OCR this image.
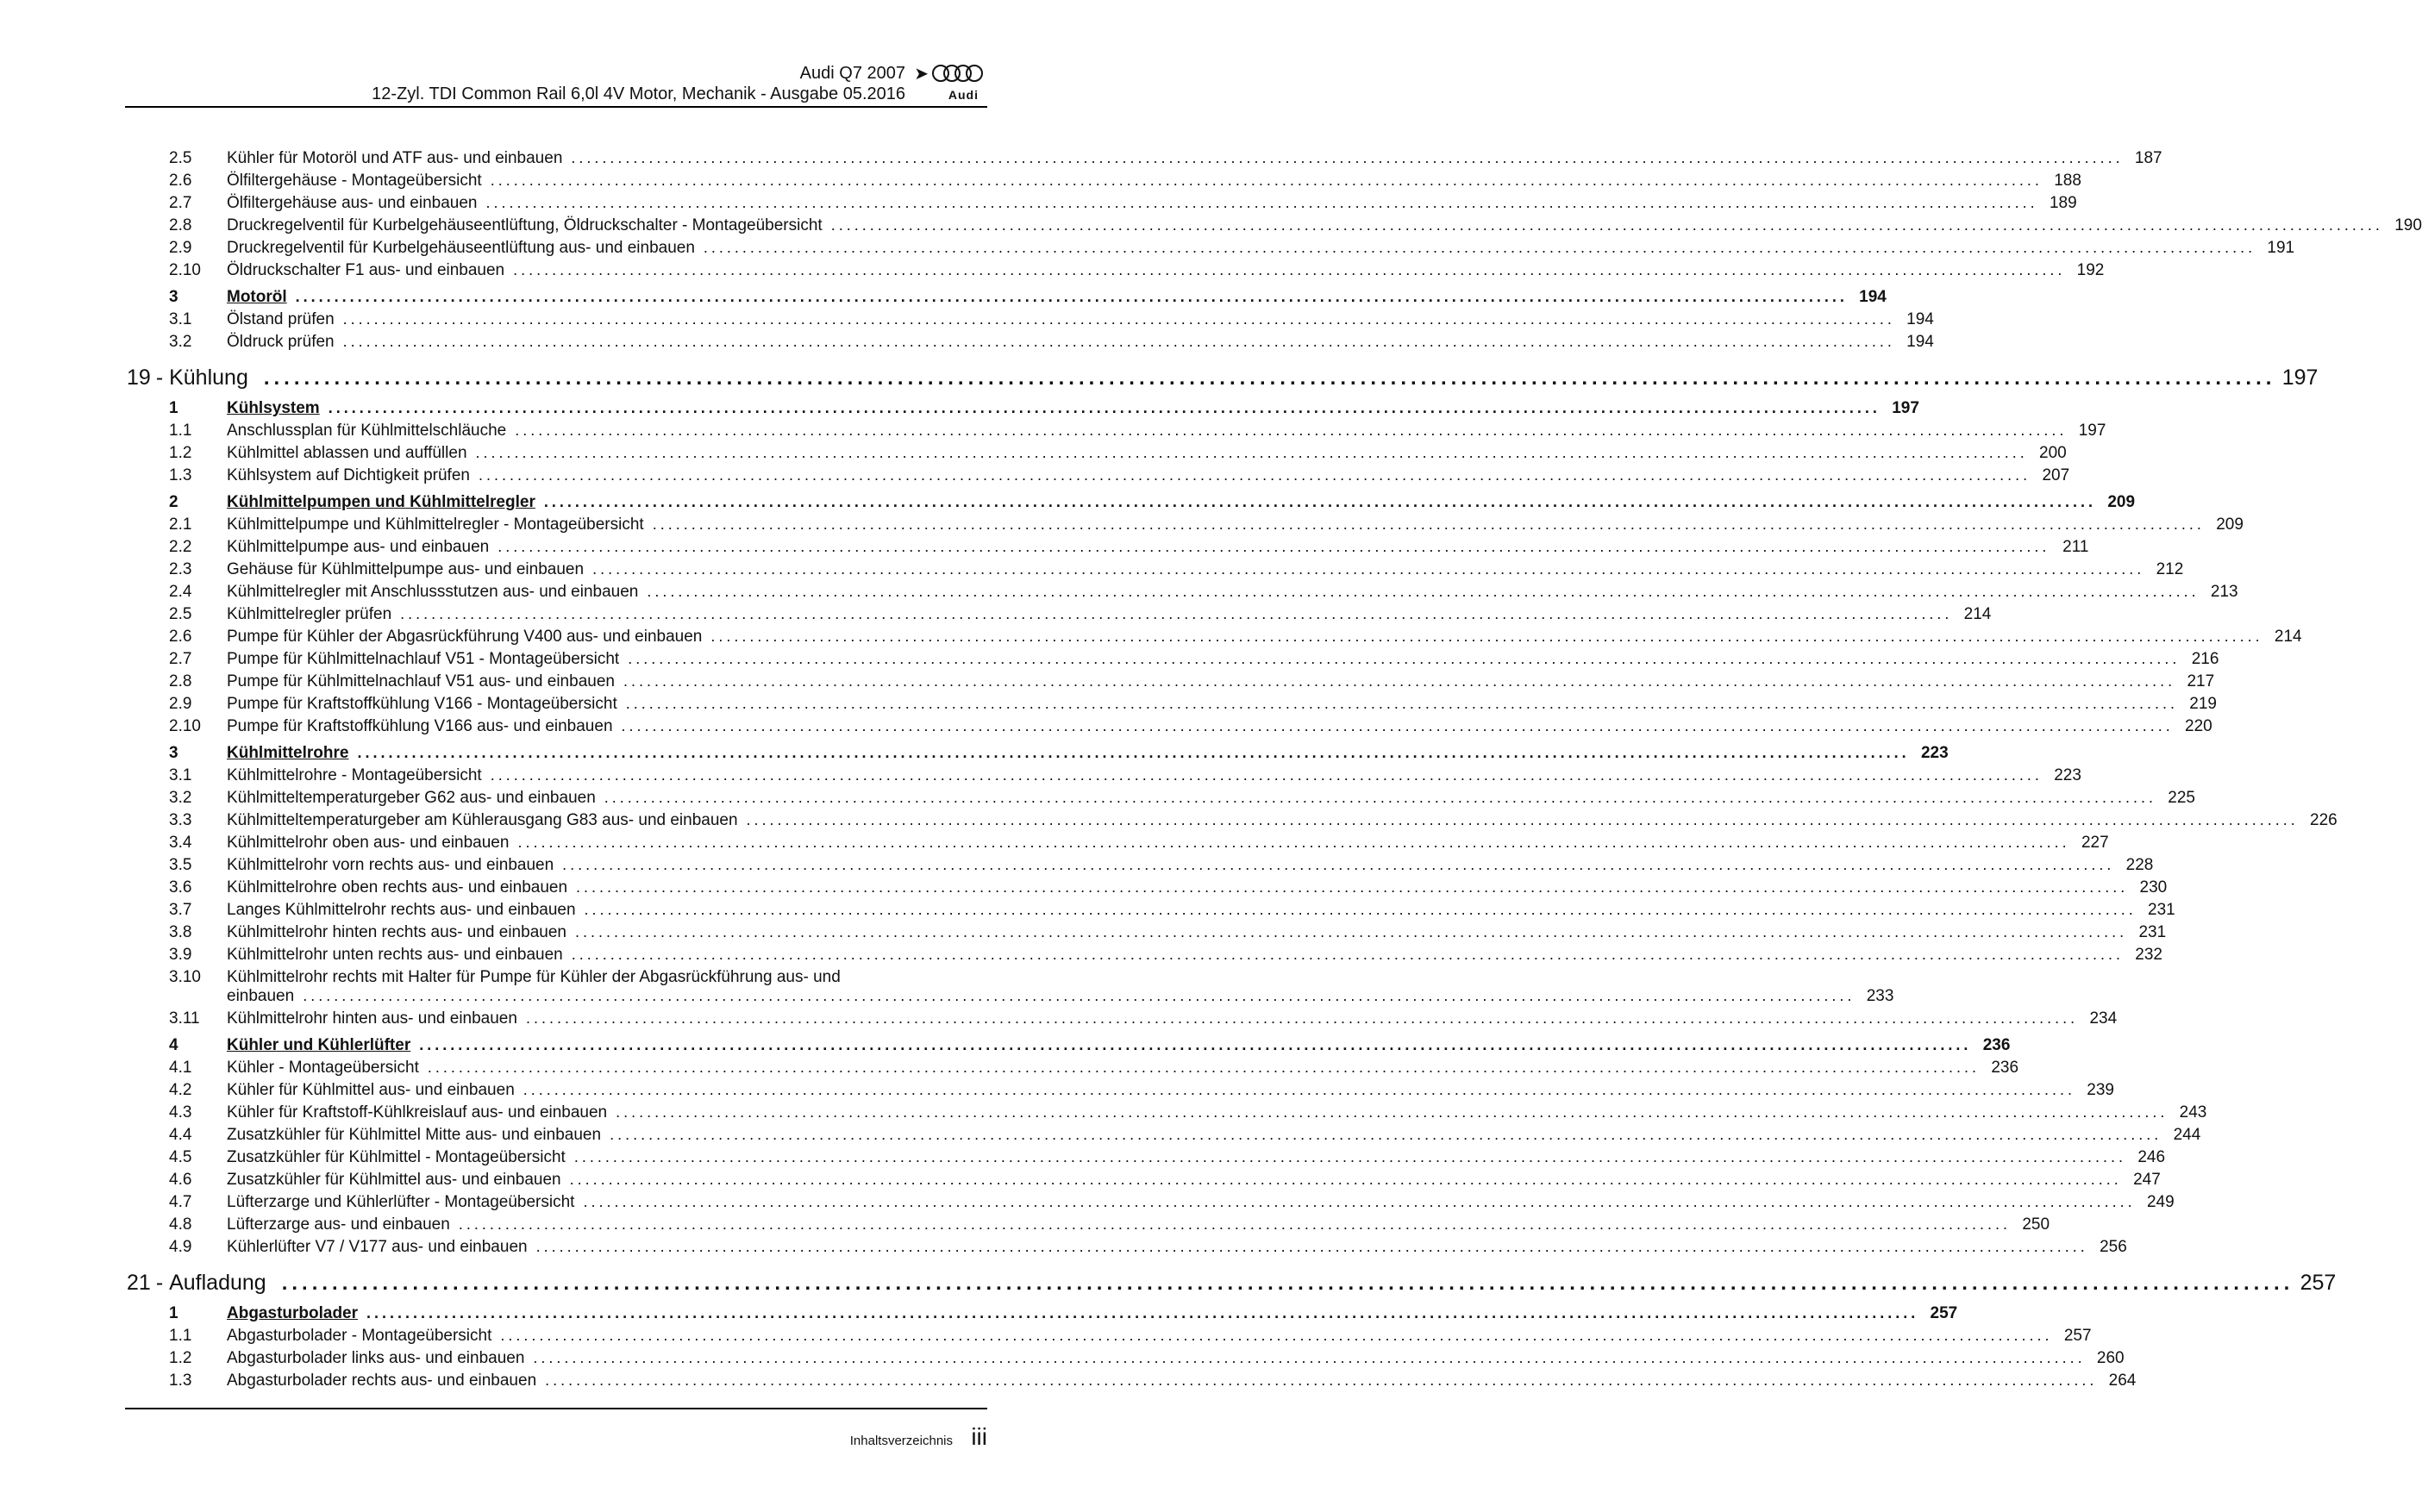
Audi Q7 2007 ➤
12-Zyl. TDI Common Rail 6,0l 4V Motor, Mechanik - Ausgabe 05.2016	Audi
2.5	Kühler für Motoröl und ATF aus- und einbauen ........................................................................................................................................................................................................ 187
2.6	Ölfiltergehäuse - Montageübersicht ........................................................................................................................................................................................................ 188
2.7	Ölfiltergehäuse aus- und einbauen ........................................................................................................................................................................................................ 189
2.8	Druckregelventil für Kurbelgehäuseentlüftung, Öldruckschalter - Montageübersicht ........................................................................................................................................................................................................ 190
2.9	Druckregelventil für Kurbelgehäuseentlüftung aus- und einbauen ........................................................................................................................................................................................................ 191
2.10	Öldruckschalter F1 aus- und einbauen ........................................................................................................................................................................................................ 192
3	Motoröl ........................................................................................................................................................................................................ 194
3.1	Ölstand prüfen ........................................................................................................................................................................................................ 194
3.2	Öldruck prüfen ........................................................................................................................................................................................................ 194
19 - Kühlung ........................................................................................................................................................................................................ 197
1	Kühlsystem ........................................................................................................................................................................................................ 197
1.1	Anschlussplan für Kühlmittelschläuche ........................................................................................................................................................................................................ 197
1.2	Kühlmittel ablassen und auffüllen ........................................................................................................................................................................................................ 200
1.3	Kühlsystem auf Dichtigkeit prüfen ........................................................................................................................................................................................................ 207
2	Kühlmittelpumpen und Kühlmittelregler ........................................................................................................................................................................................................ 209
2.1	Kühlmittelpumpe und Kühlmittelregler - Montageübersicht ........................................................................................................................................................................................................ 209
2.2	Kühlmittelpumpe aus- und einbauen ........................................................................................................................................................................................................ 211
2.3	Gehäuse für Kühlmittelpumpe aus- und einbauen ........................................................................................................................................................................................................ 212
2.4	Kühlmittelregler mit Anschlussstutzen aus- und einbauen ........................................................................................................................................................................................................ 213
2.5	Kühlmittelregler prüfen ........................................................................................................................................................................................................ 214
2.6	Pumpe für Kühler der Abgasrückführung V400 aus- und einbauen ........................................................................................................................................................................................................ 214
2.7	Pumpe für Kühlmittelnachlauf V51 - Montageübersicht ........................................................................................................................................................................................................ 216
2.8	Pumpe für Kühlmittelnachlauf V51 aus- und einbauen ........................................................................................................................................................................................................ 217
2.9	Pumpe für Kraftstoffkühlung V166 - Montageübersicht ........................................................................................................................................................................................................ 219
2.10	Pumpe für Kraftstoffkühlung V166 aus- und einbauen ........................................................................................................................................................................................................ 220
3	Kühlmittelrohre ........................................................................................................................................................................................................ 223
3.1	Kühlmittelrohre - Montageübersicht ........................................................................................................................................................................................................ 223
3.2	Kühlmitteltemperaturgeber G62 aus- und einbauen ........................................................................................................................................................................................................ 225
3.3	Kühlmitteltemperaturgeber am Kühlerausgang G83 aus- und einbauen ........................................................................................................................................................................................................ 226
3.4	Kühlmittelrohr oben aus- und einbauen ........................................................................................................................................................................................................ 227
3.5	Kühlmittelrohr vorn rechts aus- und einbauen ........................................................................................................................................................................................................ 228
3.6	Kühlmittelrohre oben rechts aus- und einbauen ........................................................................................................................................................................................................ 230
3.7	Langes Kühlmittelrohr rechts aus- und einbauen ........................................................................................................................................................................................................ 231
3.8	Kühlmittelrohr hinten rechts aus- und einbauen ........................................................................................................................................................................................................ 231
3.9	Kühlmittelrohr unten rechts aus- und einbauen ........................................................................................................................................................................................................ 232
3.10	Kühlmittelrohr rechts mit Halter für Pumpe für Kühler der Abgasrückführung aus- und
einbauen ........................................................................................................................................................................................................ 233
3.11	Kühlmittelrohr hinten aus- und einbauen ........................................................................................................................................................................................................ 234
4	Kühler und Kühlerlüfter ........................................................................................................................................................................................................ 236
4.1	Kühler - Montageübersicht ........................................................................................................................................................................................................ 236
4.2	Kühler für Kühlmittel aus- und einbauen ........................................................................................................................................................................................................ 239
4.3	Kühler für Kraftstoff-Kühlkreislauf aus- und einbauen ........................................................................................................................................................................................................ 243
4.4	Zusatzkühler für Kühlmittel Mitte aus- und einbauen ........................................................................................................................................................................................................ 244
4.5	Zusatzkühler für Kühlmittel - Montageübersicht ........................................................................................................................................................................................................ 246
4.6	Zusatzkühler für Kühlmittel aus- und einbauen ........................................................................................................................................................................................................ 247
4.7	Lüfterzarge und Kühlerlüfter - Montageübersicht ........................................................................................................................................................................................................ 249
4.8	Lüfterzarge aus- und einbauen ........................................................................................................................................................................................................ 250
4.9	Kühlerlüfter V7 / V177 aus- und einbauen ........................................................................................................................................................................................................ 256
21 - Aufladung ........................................................................................................................................................................................................ 257
1	Abgasturbolader ........................................................................................................................................................................................................ 257
1.1	Abgasturbolader - Montageübersicht ........................................................................................................................................................................................................ 257
1.2	Abgasturbolader links aus- und einbauen ........................................................................................................................................................................................................ 260
1.3	Abgasturbolader rechts aus- und einbauen ........................................................................................................................................................................................................ 264
Inhaltsverzeichnis iii
